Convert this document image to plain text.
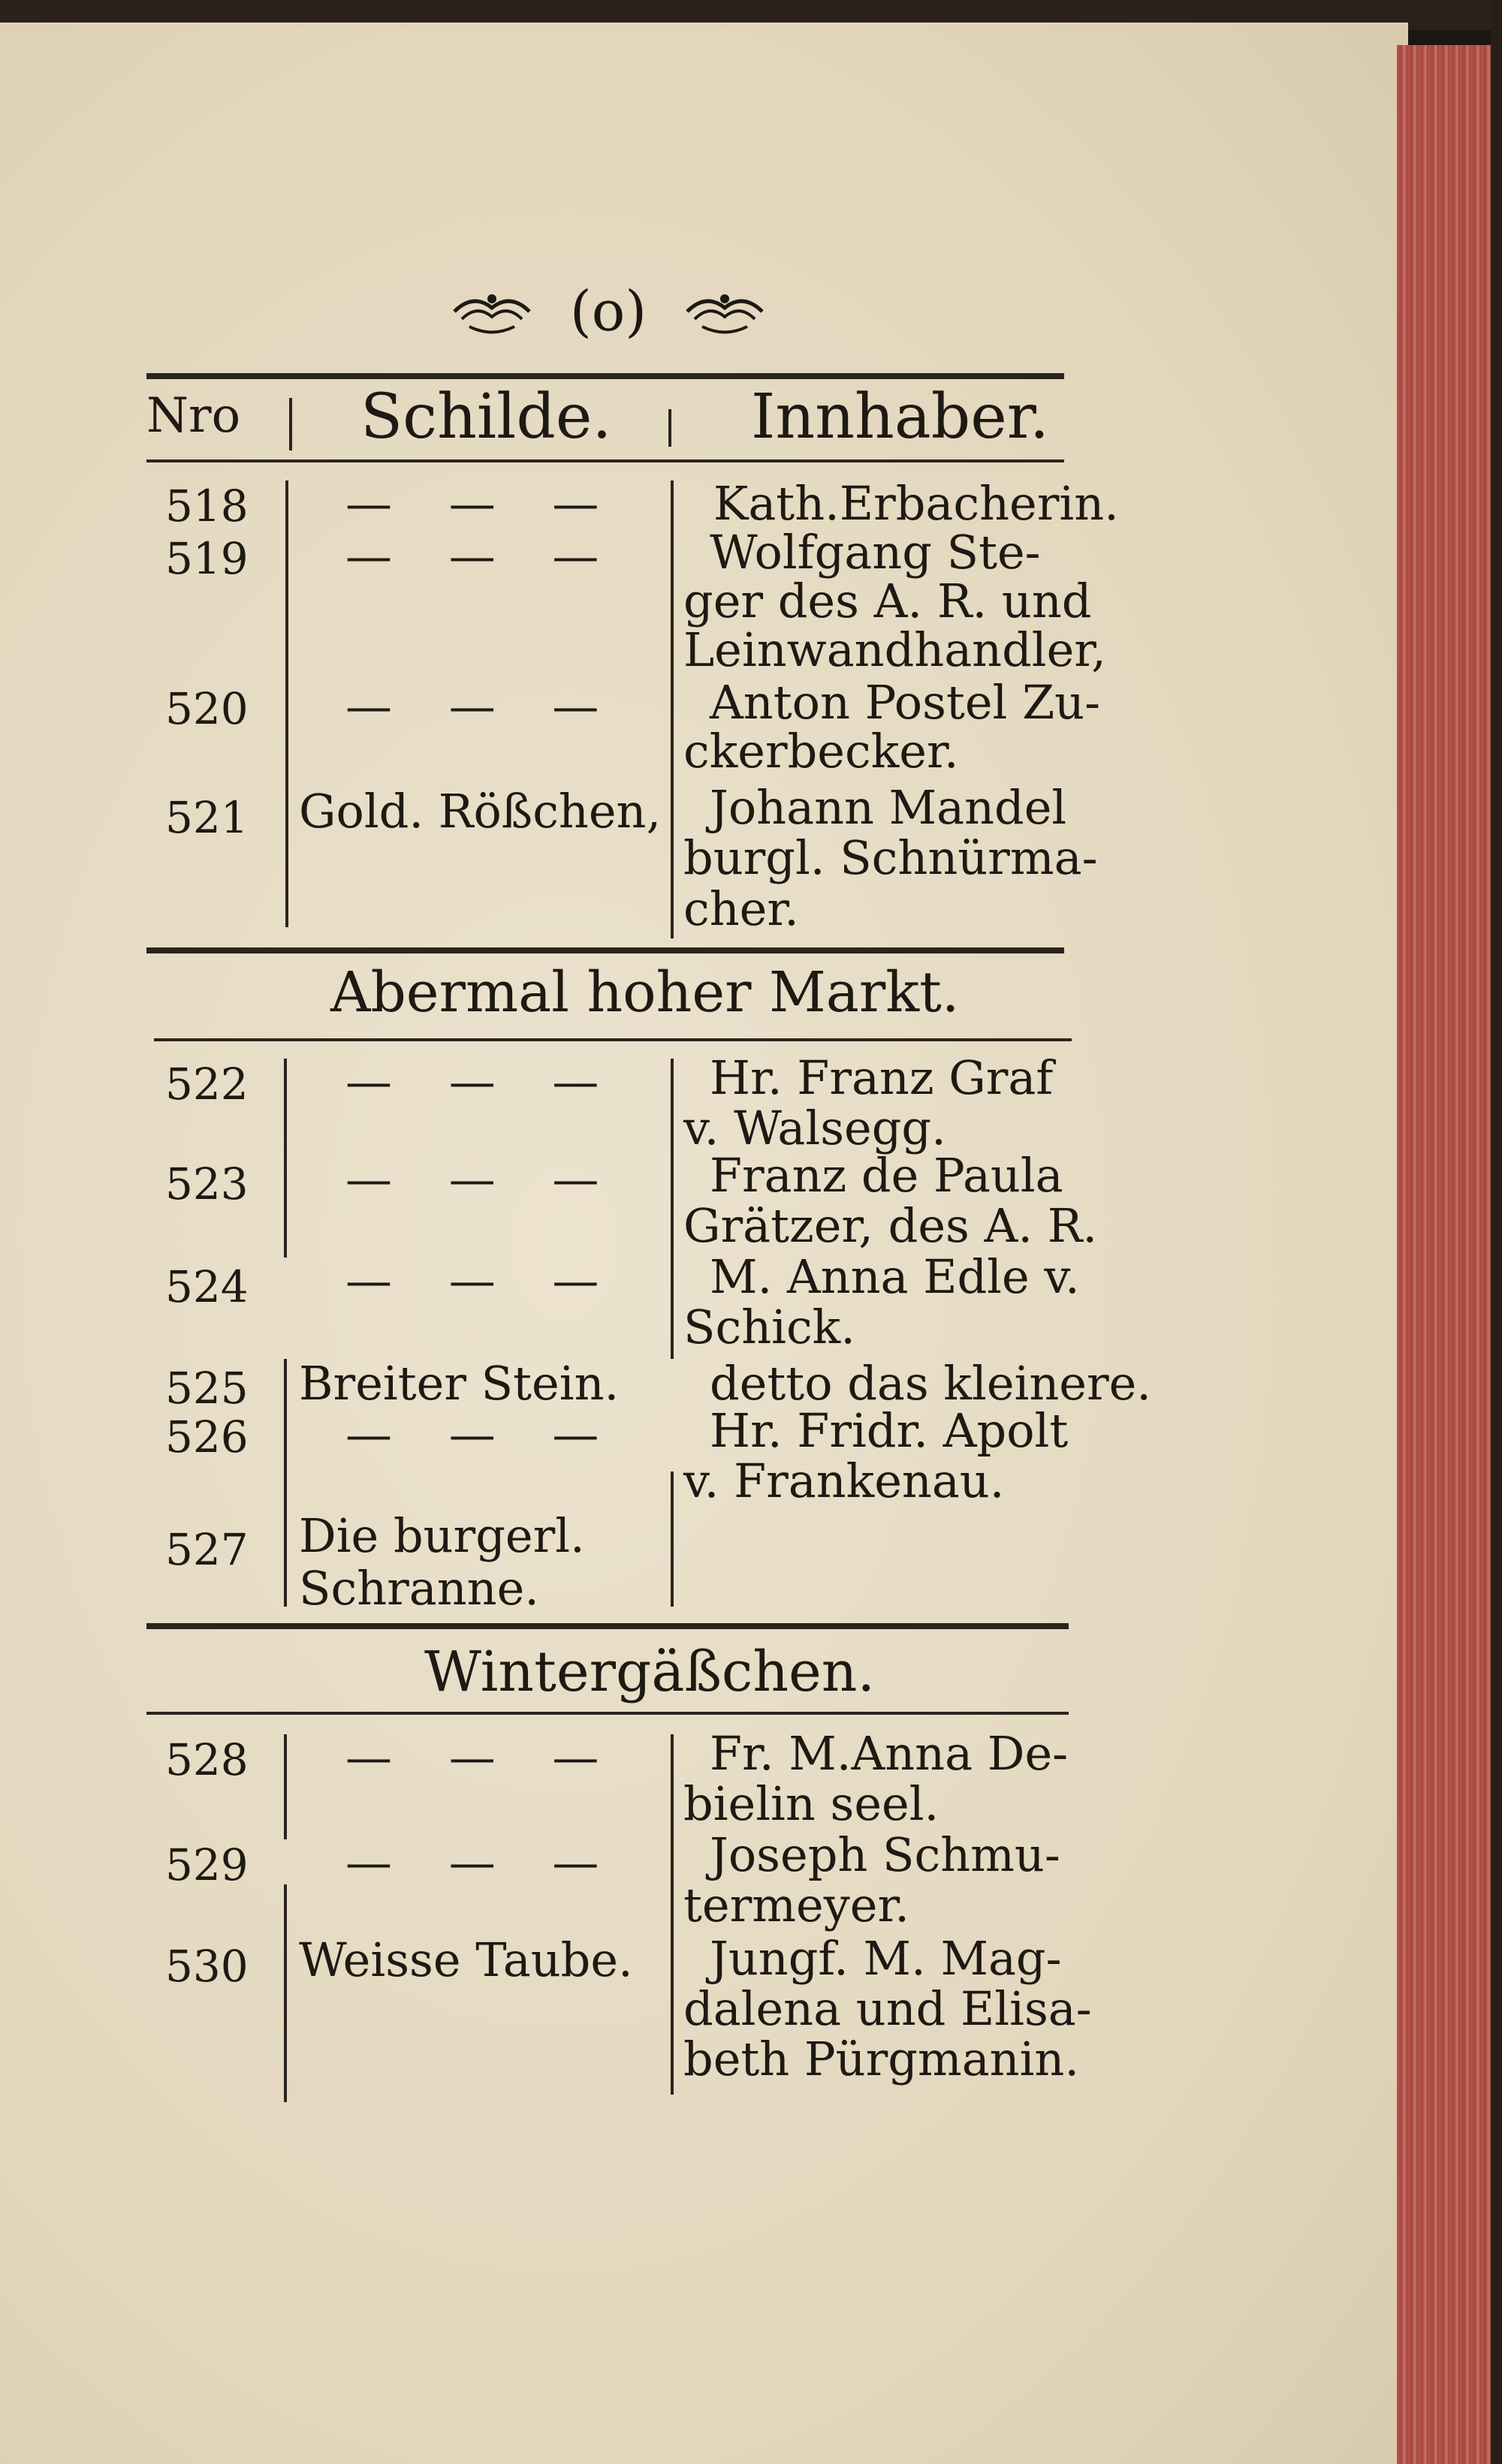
(o)
Nro Schilde. Innhaber.
518 — — — Kath.Erbacherin.
519 — — — Wolfgang Ste-
ger des A. R. und
Leinwandhandler,
520 — — — Anton Postel Zu-
ckerbecker.
521 Gold. Rößchen, Johann Mandel
burgl. Schnürma-
cher.
Abermal hoher Markt.
522 — — — Hr. Franz Graf
v. Walsegg.
523 — — — Franz de Paula
Grätzer, des A. R.
524 — — — M. Anna Edle v.
Schick.
525 Breiter Stein. detto das kleinere.
526 — — — Hr. Fridr. Apolt
v. Frankenau.
527 Die burgerl.
Schranne.
Wintergäßchen.
528 — — — Fr. M.Anna De-
bielin seel.
529 — — — Joseph Schmu-
termeyer.
530 Weisse Taube. Jungf. M. Mag-
dalena und Elisa-
beth Pürgmanin.
